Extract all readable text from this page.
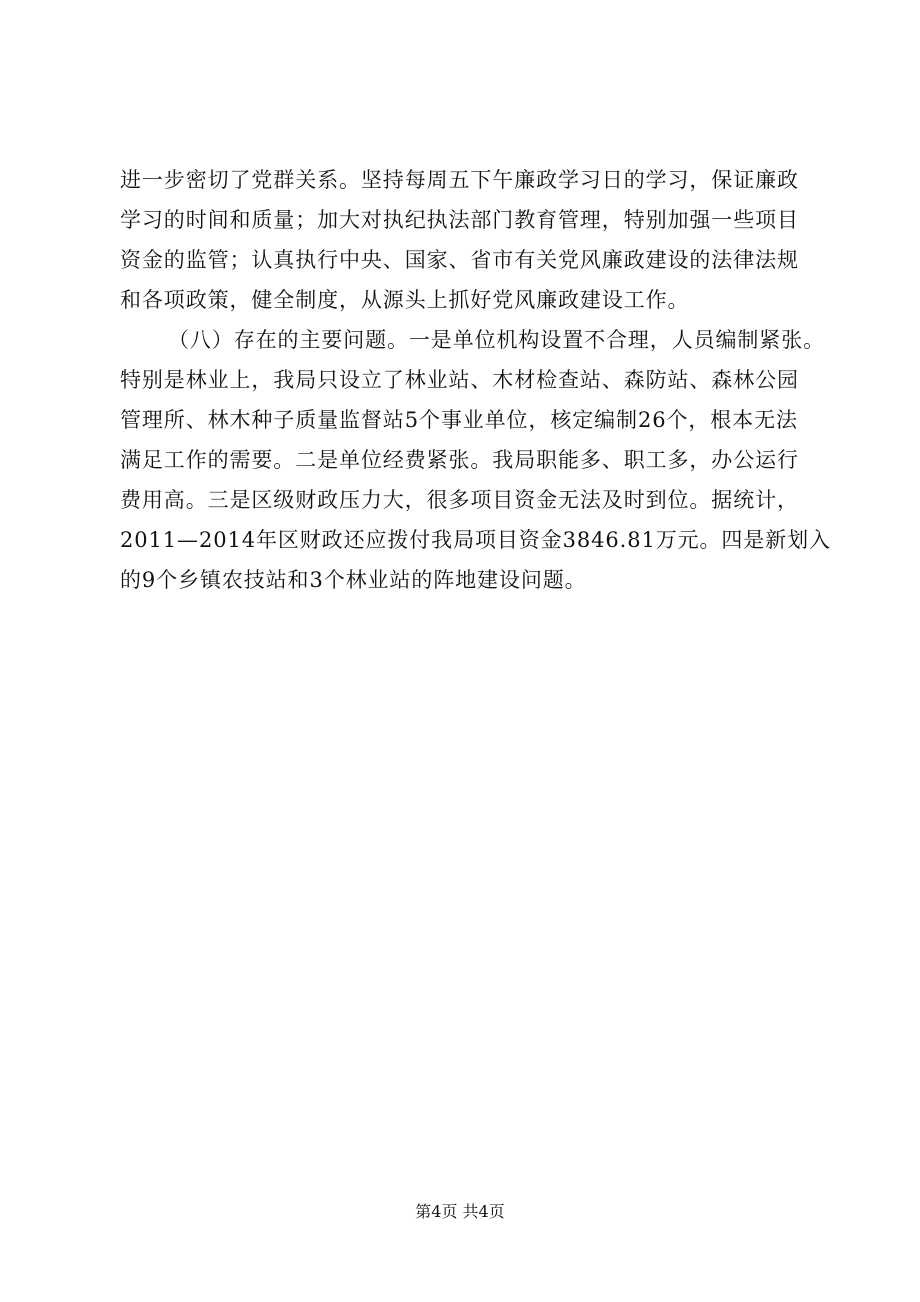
进一步密切了党群关系。坚持每周五下午廉政学习日的学习，保证廉政
学习的时间和质量；加大对执纪执法部门教育管理，特别加强一些项目
资金的监管；认真执行中央、国家、省市有关党风廉政建设的法律法规
和各项政策，健全制度，从源头上抓好党风廉政建设工作。
（八）存在的主要问题。一是单位机构设置不合理，人员编制紧张。
特别是林业上，我局只设立了林业站、木材检查站、森防站、森林公园
管理所、林木种子质量监督站5个事业单位，核定编制26个，根本无法
满足工作的需要。二是单位经费紧张。我局职能多、职工多，办公运行
费用高。三是区级财政压力大，很多项目资金无法及时到位。据统计，
2011—2014年区财政还应拨付我局项目资金3846.81万元。四是新划入
的9个乡镇农技站和3个林业站的阵地建设问题。
第4页 共4页
